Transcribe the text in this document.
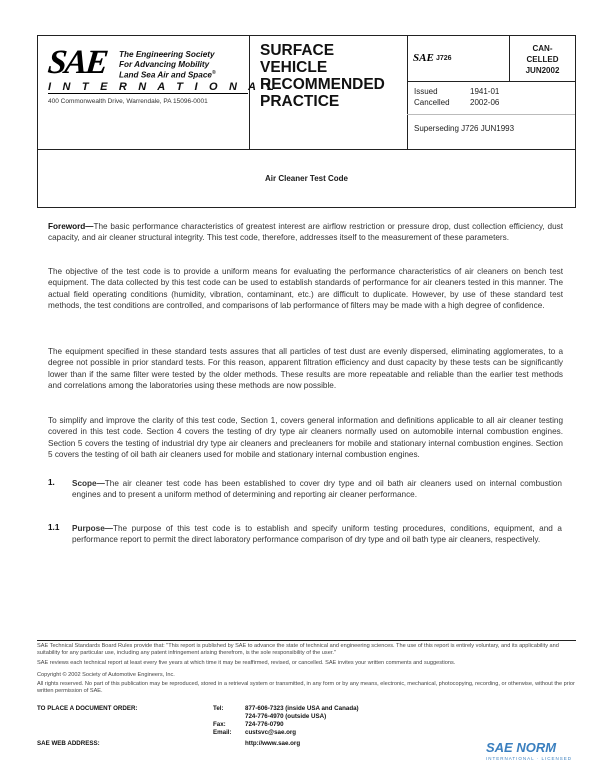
SAE The Engineering Society
For Advancing Mobility
Land Sea Air and Space®
I N T E R N A T I O N A L
400 Commonwealth Drive, Warrendale, PA 15096-0001
SURFACE
VEHICLE
RECOMMENDED
PRACTICE
SAE J726
CAN-
CELLED
JUN2002
Issued	1941-01
Cancelled	2002-06
Superseding J726 JUN1993
Air Cleaner Test Code
Foreword—The basic performance characteristics of greatest interest are airflow restriction or pressure drop, dust collection efficiency, dust capacity, and air cleaner structural integrity. This test code, therefore, addresses itself to the measurement of these parameters.
The objective of the test code is to provide a uniform means for evaluating the performance characteristics of air cleaners on bench test equipment. The data collected by this test code can be used to establish standards of performance for air cleaners tested in this manner. The actual field operating conditions (humidity, vibration, contaminant, etc.) are difficult to duplicate. However, by use of these standard test methods, the test conditions are controlled, and comparisons of lab performance of filters may be made with a high degree of confidence.
The equipment specified in these standard tests assures that all particles of test dust are evenly dispersed, eliminating agglomerates, to a degree not possible in prior standard tests. For this reason, apparent filtration efficiency and dust capacity by these tests can be significantly lower than if the same filter were tested by the older methods. These results are more repeatable and reliable than the earlier test methods and correlations among the laboratories using these methods are now possible.
To simplify and improve the clarity of this test code, Section 1, covers general information and definitions applicable to all air cleaner testing covered in this test code. Section 4 covers the testing of dry type air cleaners normally used on automobile internal combustion engines. Section 5 covers the testing of industrial dry type air cleaners and precleaners for mobile and stationary internal combustion engines. Section 5 covers the testing of oil bath air cleaners used for mobile and stationary internal combustion engines.
1. Scope—The air cleaner test code has been established to cover dry type and oil bath air cleaners used on internal combustion engines and to present a uniform method of determining and reporting air cleaner performance.
1.1 Purpose—The purpose of this test code is to establish and specify uniform testing procedures, conditions, equipment, and a performance report to permit the direct laboratory performance comparison of dry type and oil bath type air cleaners, respectively.
SAE Technical Standards Board Rules provide that: "This report is published by SAE to advance the state of technical and engineering sciences. The use of this report is entirely voluntary, and its applicability and suitability for any particular use, including any patent infringement arising therefrom, is the sole responsibility of the user."
SAE reviews each technical report at least every five years at which time it may be reaffirmed, revised, or cancelled. SAE invites your written comments and suggestions.
Copyright © 2002 Society of Automotive Engineers, Inc.
All rights reserved. No part of this publication may be reproduced, stored in a retrieval system or transmitted, in any form or by any means, electronic, mechanical, photocopying, recording, or otherwise, without the prior written permission of SAE.
TO PLACE A DOCUMENT ORDER:	Tel:	877-606-7323 (inside USA and Canada)
724-776-4970 (outside USA)
Fax:	724-776-0790
Email: custsvc@sae.org
SAE WEB ADDRESS:	http://www.sae.org	SAE NORM
INTERNATIONAL · LICENSED
